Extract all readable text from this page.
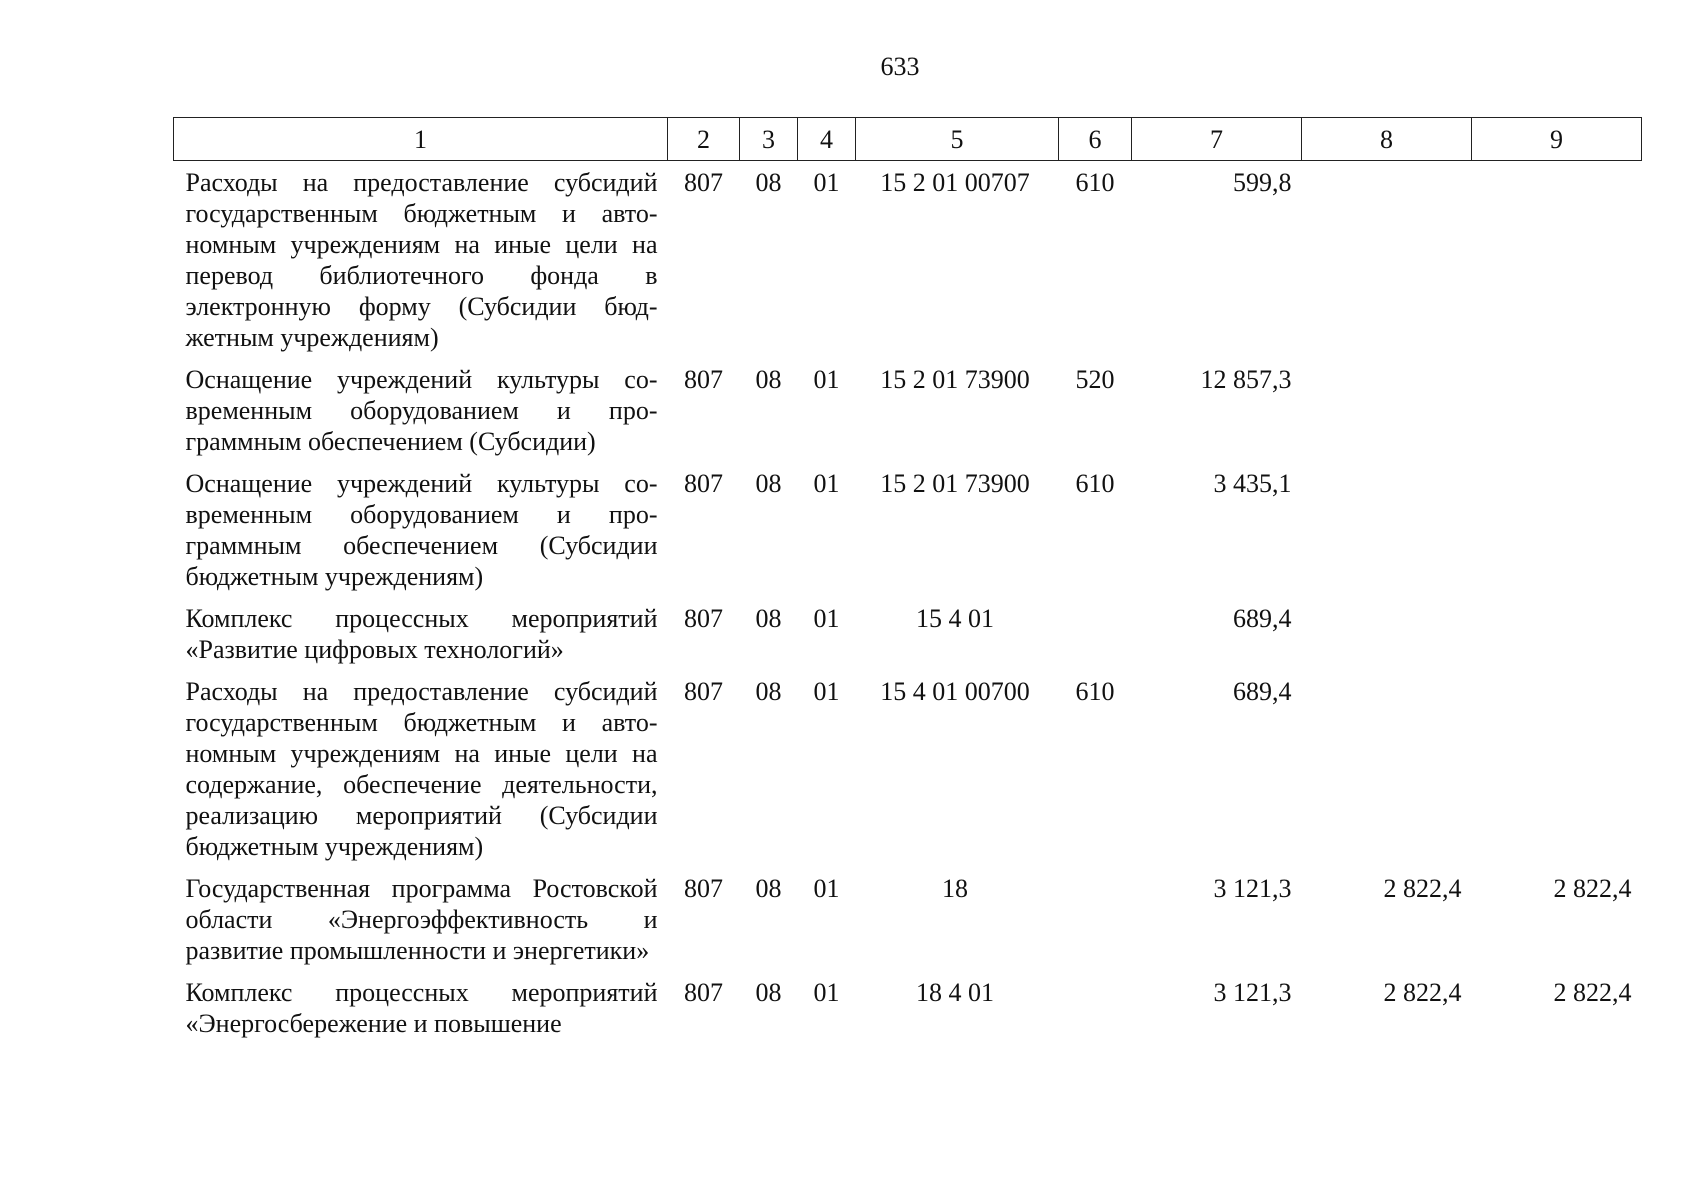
633
1	2	3	4	5	6	7	8	9
Расходы на предоставление субсидий государственным бюджетным и автономным учреждениям на иные цели на перевод библиотечного фонда в электронную форму (Субсидии бюджетным учреждениям)	807	08	01	15 2 01 00707	610	599,8		
Оснащение учреждений культуры современным оборудованием и программным обеспечением (Субсидии)	807	08	01	15 2 01 73900	520	12 857,3		
Оснащение учреждений культуры современным оборудованием и программным обеспечением (Субсидии бюджетным учреждениям)	807	08	01	15 2 01 73900	610	3 435,1		
Комплекс процессных мероприятий «Развитие цифровых технологий»	807	08	01	15 4 01		689,4		
Расходы на предоставление субсидий государственным бюджетным и автономным учреждениям на иные цели на содержание, обеспечение деятельности, реализацию мероприятий (Субсидии бюджетным учреждениям)	807	08	01	15 4 01 00700	610	689,4		
Государственная программа Ростовской области «Энергоэффективность и развитие промышленности и энергетики»	807	08	01	18		3 121,3	2 822,4	2 822,4
Комплекс процессных мероприятий «Энергосбережение и повышение	807	08	01	18 4 01		3 121,3	2 822,4	2 822,4
